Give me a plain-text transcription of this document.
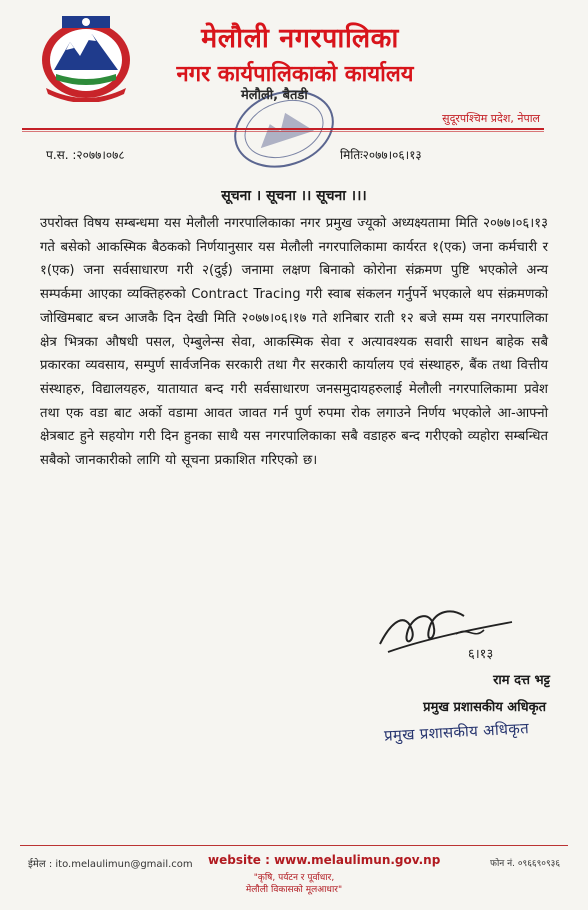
मेलौली नगरपालिका
नगर कार्यपालिकाको कार्यालय
मेलौली, बैतडी
सुदूरपश्चिम प्रदेश, नेपाल
प.स. :२०७७।०७८	मितिः२०७७।०६।१३
सूचना । सूचना ।। सूचना ।।।
उपरोक्त विषय सम्बन्धमा यस मेलौली नगरपालिकाका नगर प्रमुख ज्यूको अध्यक्ष्यतामा मिति २०७७।०६।१३ गते बसेको आकस्मिक बैठकको निर्णयानुसार यस मेलौली नगरपालिकामा कार्यरत १(एक) जना कर्मचारी र १(एक) जना सर्वसाधारण गरी २(दुई) जनामा लक्षण बिनाको कोरोना संक्रमण पुष्टि भएकोले अन्य सम्पर्कमा आएका व्यक्तिहरुको Contract Tracing गरी स्वाब संकलन गर्नुपर्ने भएकाले थप संक्रमणको जोखिमबाट बच्न आजकै दिन देखी मिति २०७७।०६।१७ गते शनिबार राती १२ बजे सम्म यस नगरपालिका क्षेत्र भित्रका औषधी पसल, ऐम्बुलेन्स सेवा, आकस्मिक सेवा र अत्यावश्यक सवारी साधन बाहेक सबै प्रकारका व्यवसाय, सम्पुर्ण सार्वजनिक सरकारी तथा गैर सरकारी कार्यालय एवं संस्थाहरु, बैंक तथा वित्तीय संस्थाहरु, विद्यालयहरु, यातायात बन्द गरी सर्वसाधारण जनसमुदायहरुलाई मेलौली नगरपालिकामा प्रवेश तथा एक वडा बाट अर्को वडामा आवत जावत गर्न पुर्ण रुपमा रोक लगाउने निर्णय भएकोले आ-आफ्नो क्षेत्रबाट हुने सहयोग गरी दिन हुनका साथै यस नगरपालिकाका सबै वडाहरु बन्द गरीएको व्यहोरा सम्बन्धित सबैको जानकारीको लागि यो सूचना प्रकाशित गरिएको छ।
६।१३
राम दत्त भट्ट
प्रमुख प्रशासकीय अधिकृत
प्रमुख प्रशासकीय अधिकृत
ईमेल : ito.melaulimun@gmail.com website : www.melaulimun.gov.np	फोन नं. ०९६६९०९३६
"कृषि, पर्यटन र पूर्वाधार,
मेलौली विकासको मूलआधार"
